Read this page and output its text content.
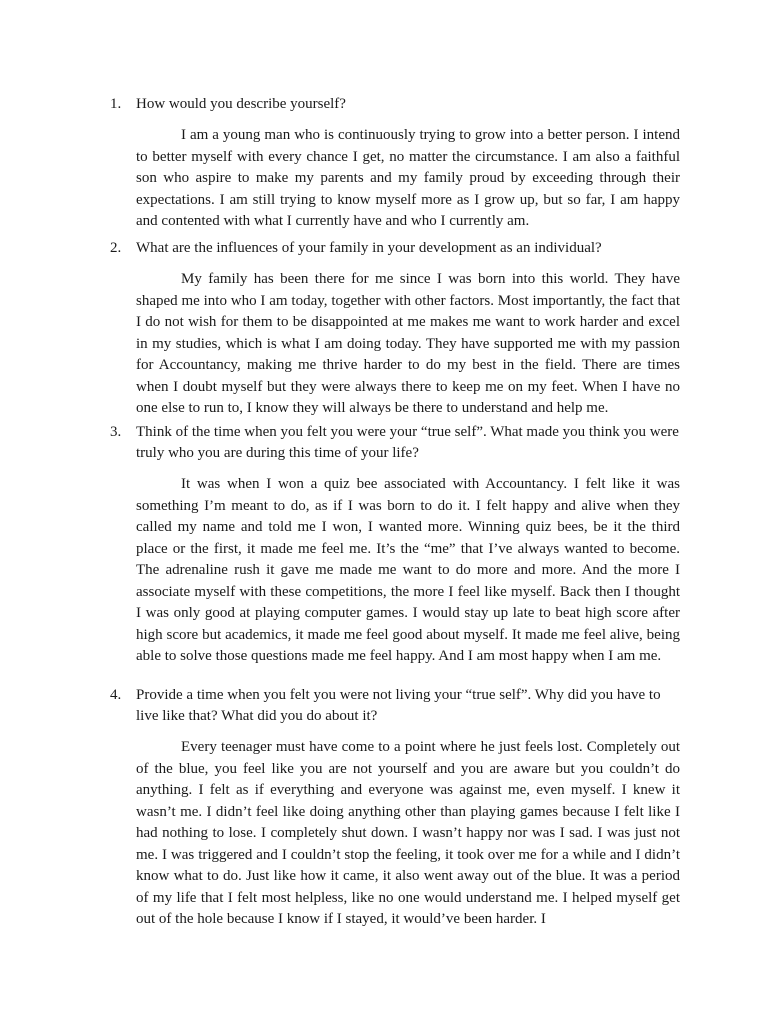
1. How would you describe yourself?

I am a young man who is continuously trying to grow into a better person. I intend to better myself with every chance I get, no matter the circumstance. I am also a faithful son who aspire to make my parents and my family proud by exceeding through their expectations. I am still trying to know myself more as I grow up, but so far, I am happy and contented with what I currently have and who I currently am.

2. What are the influences of your family in your development as an individual?

My family has been there for me since I was born into this world. They have shaped me into who I am today, together with other factors. Most importantly, the fact that I do not wish for them to be disappointed at me makes me want to work harder and excel in my studies, which is what I am doing today. They have supported me with my passion for Accountancy, making me thrive harder to do my best in the field. There are times when I doubt myself but they were always there to keep me on my feet. When I have no one else to run to, I know they will always be there to understand and help me.

3. Think of the time when you felt you were your “true self”. What made you think you were truly who you are during this time of your life?

It was when I won a quiz bee associated with Accountancy. I felt like it was something I’m meant to do, as if I was born to do it. I felt happy and alive when they called my name and told me I won, I wanted more. Winning quiz bees, be it the third place or the first, it made me feel me. It’s the “me” that I’ve always wanted to become. The adrenaline rush it gave me made me want to do more and more. And the more I associate myself with these competitions, the more I feel like myself. Back then I thought I was only good at playing computer games. I would stay up late to beat high score after high score but academics, it made me feel good about myself. It made me feel alive, being able to solve those questions made me feel happy. And I am most happy when I am me.

4. Provide a time when you felt you were not living your “true self”. Why did you have to live like that? What did you do about it?

Every teenager must have come to a point where he just feels lost. Completely out of the blue, you feel like you are not yourself and you are aware but you couldn’t do anything. I felt as if everything and everyone was against me, even myself. I knew it wasn’t me. I didn’t feel like doing anything other than playing games because I felt like I had nothing to lose. I completely shut down. I wasn’t happy nor was I sad. I was just not me. I was triggered and I couldn’t stop the feeling, it took over me for a while and I didn’t know what to do. Just like how it came, it also went away out of the blue. It was a period of my life that I felt most helpless, like no one would understand me. I helped myself get out of the hole because I know if I stayed, it would’ve been harder. I
